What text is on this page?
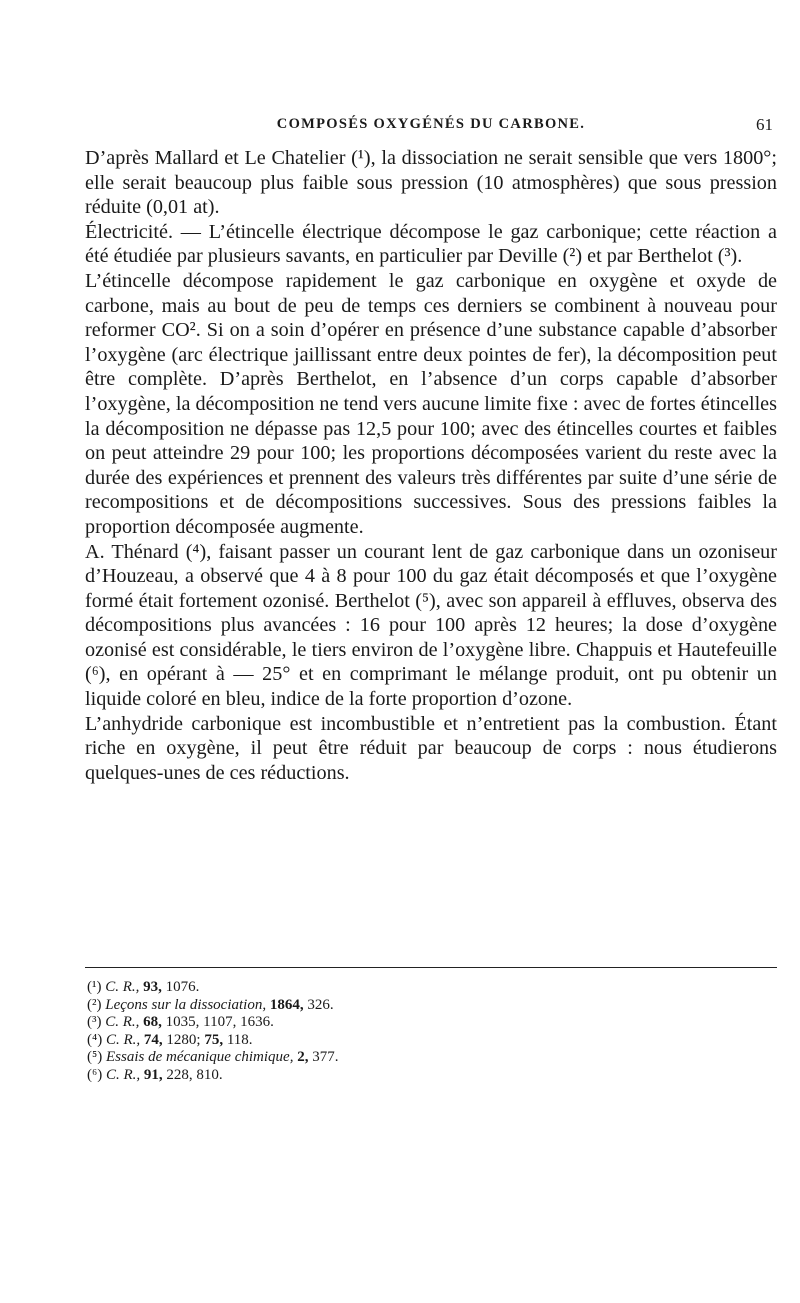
COMPOSÉS OXYGÉNÉS DU CARBONE.	61

D’après Mallard et Le Chatelier (¹), la dissociation ne serait sensible que vers 1800°; elle serait beaucoup plus faible sous pression (10 atmosphères) que sous pression réduite (0,01 at).

Électricité. — L’étincelle électrique décompose le gaz carbonique; cette réaction a été étudiée par plusieurs savants, en particulier par Deville (²) et par Berthelot (³).

L’étincelle décompose rapidement le gaz carbonique en oxygène et oxyde de carbone, mais au bout de peu de temps ces derniers se combinent à nouveau pour reformer CO². Si on a soin d’opérer en présence d’une substance capable d’absorber l’oxygène (arc électrique jaillissant entre deux pointes de fer), la décomposition peut être complète. D’après Berthelot, en l’absence d’un corps capable d’absorber l’oxygène, la décomposition ne tend vers aucune limite fixe : avec de fortes étincelles la décomposition ne dépasse pas 12,5 pour 100; avec des étincelles courtes et faibles on peut atteindre 29 pour 100; les proportions décomposées varient du reste avec la durée des expériences et prennent des valeurs très différentes par suite d’une série de recompositions et de décompositions successives. Sous des pressions faibles la proportion décomposée augmente.

A. Thénard (⁴), faisant passer un courant lent de gaz carbonique dans un ozoniseur d’Houzeau, a observé que 4 à 8 pour 100 du gaz était décomposés et que l’oxygène formé était fortement ozonisé. Berthelot (⁵), avec son appareil à effluves, observa des décompositions plus avancées : 16 pour 100 après 12 heures; la dose d’oxygène ozonisé est considérable, le tiers environ de l’oxygène libre. Chappuis et Hautefeuille (⁶), en opérant à — 25° et en comprimant le mélange produit, ont pu obtenir un liquide coloré en bleu, indice de la forte proportion d’ozone.

L’anhydride carbonique est incombustible et n’entretient pas la combustion. Étant riche en oxygène, il peut être réduit par beaucoup de corps : nous étudierons quelques-unes de ces réductions.

(¹) C. R., 93, 1076.
(²) Leçons sur la dissociation, 1864, 326.
(³) C. R., 68, 1035, 1107, 1636.
(⁴) C. R., 74, 1280; 75, 118.
(⁵) Essais de mécanique chimique, 2, 377.
(⁶) C. R., 91, 228, 810.
